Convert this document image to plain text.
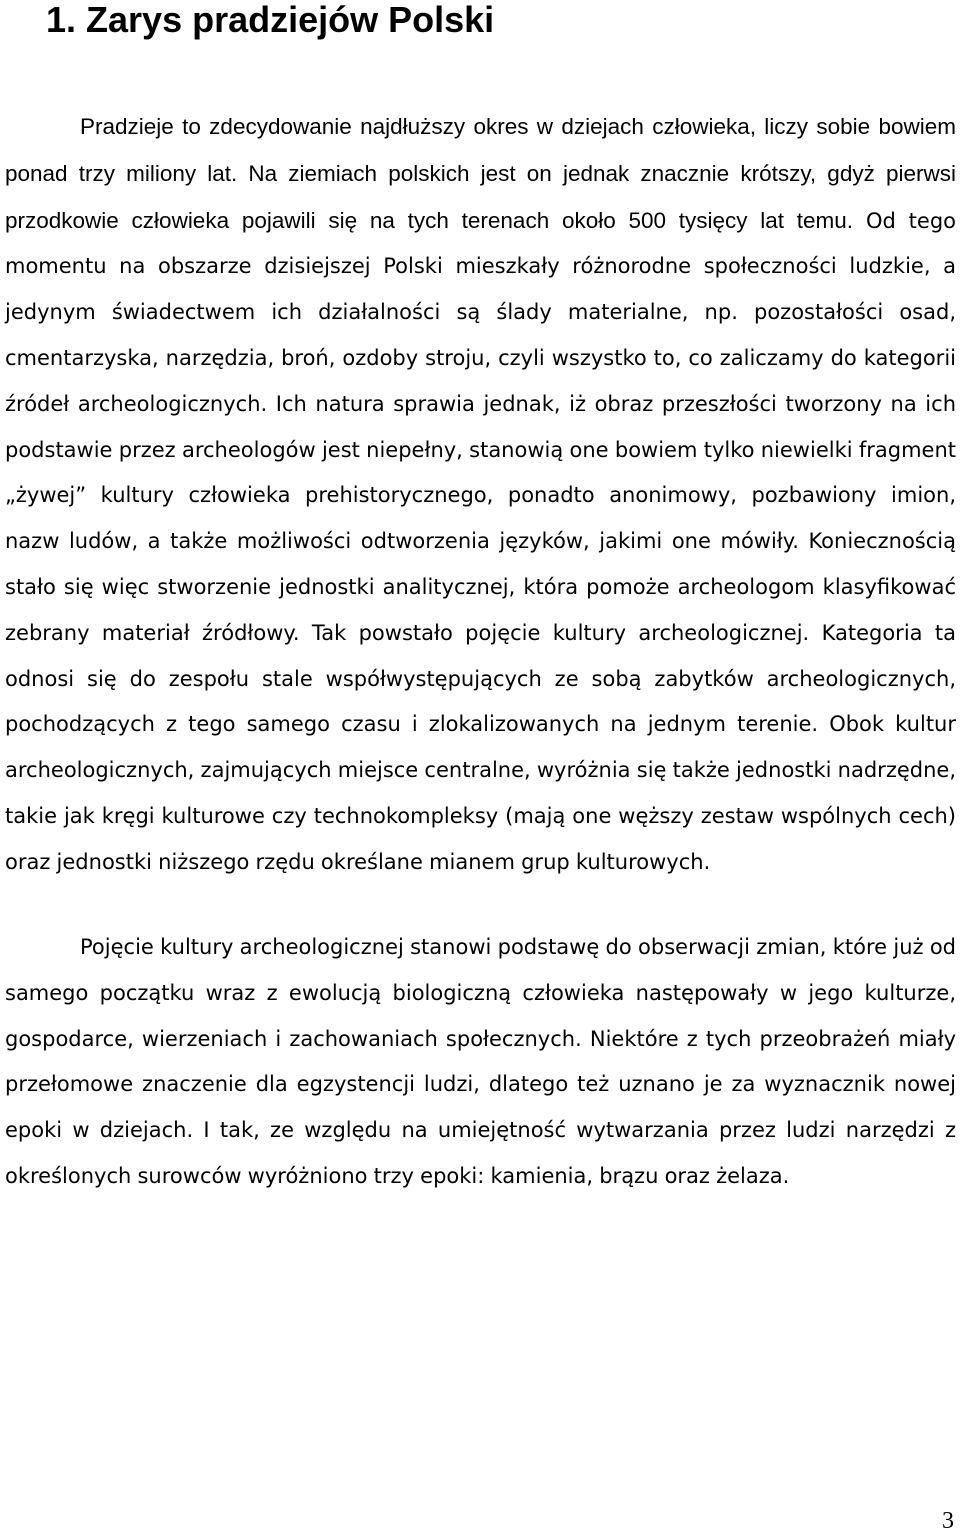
1. Zarys pradziejów Polski

Pradzieje to zdecydowanie najdłuższy okres w dziejach człowieka, liczy sobie bowiem ponad trzy miliony lat. Na ziemiach polskich jest on jednak znacznie krótszy, gdyż pierwsi przodkowie człowieka pojawili się na tych terenach około 500 tysięcy lat temu. Od tego momentu na obszarze dzisiejszej Polski mieszkały różnorodne społeczności ludzkie, a jedynym świadectwem ich działalności są ślady materialne, np. pozostałości osad, cmentarzyska, narzędzia, broń, ozdoby stroju, czyli wszystko to, co zaliczamy do kategorii źródeł archeologicznych. Ich natura sprawia jednak, iż obraz przeszłości tworzony na ich podstawie przez archeologów jest niepełny, stanowią one bowiem tylko niewielki fragment „żywej” kultury człowieka prehistorycznego, ponadto anonimowy, pozbawiony imion, nazw ludów, a także możliwości odtworzenia języków, jakimi one mówiły. Koniecznością stało się więc stworzenie jednostki analitycznej, która pomoże archeologom klasyfikować zebrany materiał źródłowy. Tak powstało pojęcie kultury archeologicznej. Kategoria ta odnosi się do zespołu stale współwystępujących ze sobą zabytków archeologicznych, pochodzących z tego samego czasu i zlokalizowanych na jednym terenie. Obok kultur archeologicznych, zajmujących miejsce centralne, wyróżnia się także jednostki nadrzędne, takie jak kręgi kulturowe czy technokompleksy (mają one węższy zestaw wspólnych cech) oraz jednostki niższego rzędu określane mianem grup kulturowych.

Pojęcie kultury archeologicznej stanowi podstawę do obserwacji zmian, które już od samego początku wraz z ewolucją biologiczną człowieka następowały w jego kulturze, gospodarce, wierzeniach i zachowaniach społecznych. Niektóre z tych przeobrażeń miały przełomowe znaczenie dla egzystencji ludzi, dlatego też uznano je za wyznacznik nowej epoki w dziejach. I tak, ze względu na umiejętność wytwarzania przez ludzi narzędzi z określonych surowców wyróżniono trzy epoki: kamienia, brązu oraz żelaza.

3
